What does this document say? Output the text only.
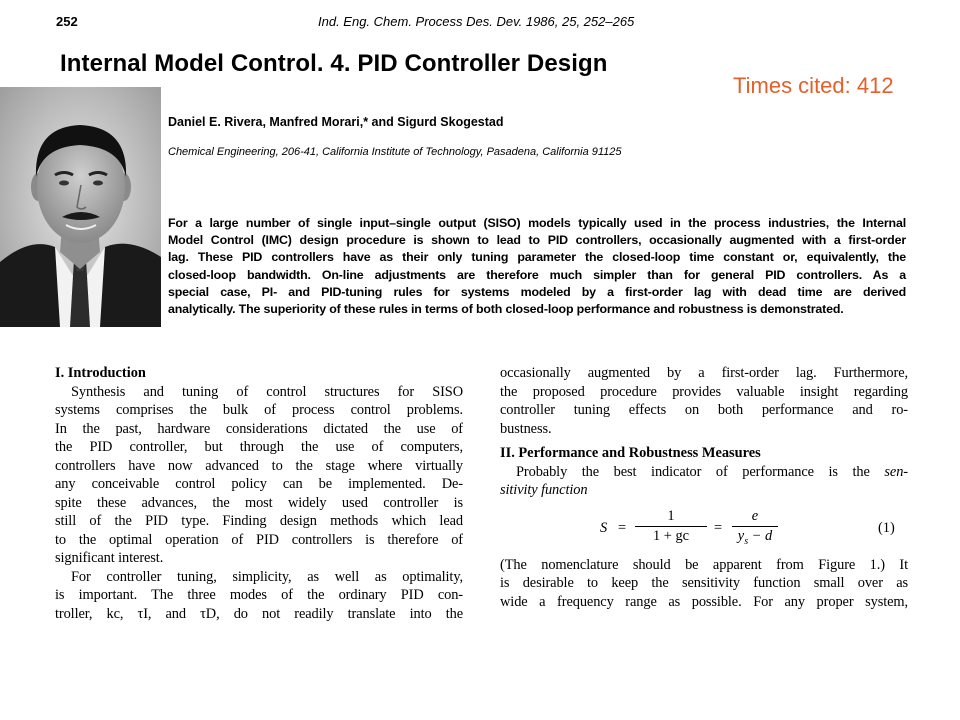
252	Ind. Eng. Chem. Process Des. Dev. 1986, 25, 252–265
Internal Model Control. 4. PID Controller Design
Times cited: 412
Daniel E. Rivera, Manfred Morari,* and Sigurd Skogestad
Chemical Engineering, 206-41, California Institute of Technology, Pasadena, California 91125
For a large number of single input–single output (SISO) models typically used in the process industries, the Internal
Model Control (IMC) design procedure is shown to lead to PID controllers, occasionally augmented with a first-order
lag. These PID controllers have as their only tuning parameter the closed-loop time constant or, equivalently, the
closed-loop bandwidth. On-line adjustments are therefore much simpler than for general PID controllers. As a
special case, PI- and PID-tuning rules for systems modeled by a first-order lag with dead time are derived
analytically. The superiority of these rules in terms of both closed-loop performance and robustness is demonstrated.
I. Introduction
Synthesis and tuning of control structures for SISO
systems comprises the bulk of process control problems.
In the past, hardware considerations dictated the use of
the PID controller, but through the use of computers,
controllers have now advanced to the stage where virtually
any conceivable control policy can be implemented. De-
spite these advances, the most widely used controller is
still of the PID type. Finding design methods which lead
to the optimal operation of PID controllers is therefore of
significant interest.
For controller tuning, simplicity, as well as optimality,
is important. The three modes of the ordinary PID con-
troller, kc, τI, and τD, do not readily translate into the
occasionally augmented by a first-order lag. Furthermore,
the proposed procedure provides valuable insight regarding
controller tuning effects on both performance and ro-
bustness.
II. Performance and Robustness Measures
Probably the best indicator of performance is the sen-
sitivity function
S =
1
1 + gc	=
e
$y_s - d$	(1)
(The nomenclature should be apparent from Figure 1.) It
is desirable to keep the sensitivity function small over as
wide a frequency range as possible. For any proper system,
